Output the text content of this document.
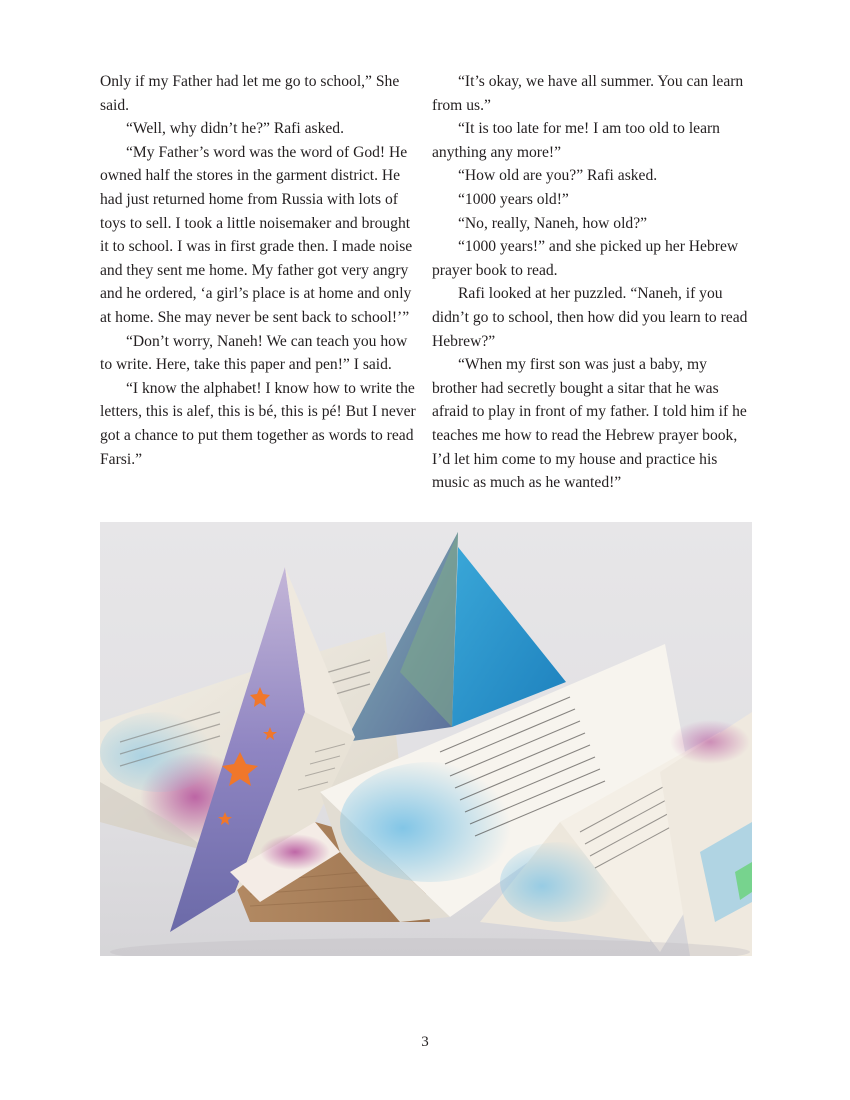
Only if my Father had let me go to school,” She said.

“Well, why didn’t he?” Rafi asked.

“My Father’s word was the word of God! He owned half the stores in the garment district. He had just returned home from Russia with lots of toys to sell. I took a little noisemaker and brought it to school. I was in first grade then. I made noise and they sent me home. My father got very angry and he ordered, ‘a girl’s place is at home and only at home. She may never be sent back to school!’”

“Don’t worry, Naneh! We can teach you how to write. Here, take this paper and pen!” I said.

“I know the alphabet! I know how to write the letters, this is alef, this is bé, this is pé! But I never got a chance to put them together as words to read Farsi.”

“It’s okay, we have all summer. You can learn from us.”

“It is too late for me! I am too old to learn anything any more!”

“How old are you?” Rafi asked.

“1000 years old!”

“No, really, Naneh, how old?”

“1000 years!” and she picked up her Hebrew prayer book to read.

Rafi looked at her puzzled. “Naneh, if you didn’t go to school, then how did you learn to read Hebrew?”

“When my first son was just a baby, my brother had secretly bought a sitar that he was afraid to play in front of my father. I told him if he teaches me how to read the Hebrew prayer book, I’d let him come to my house and practice his music as much as he wanted!”

3
